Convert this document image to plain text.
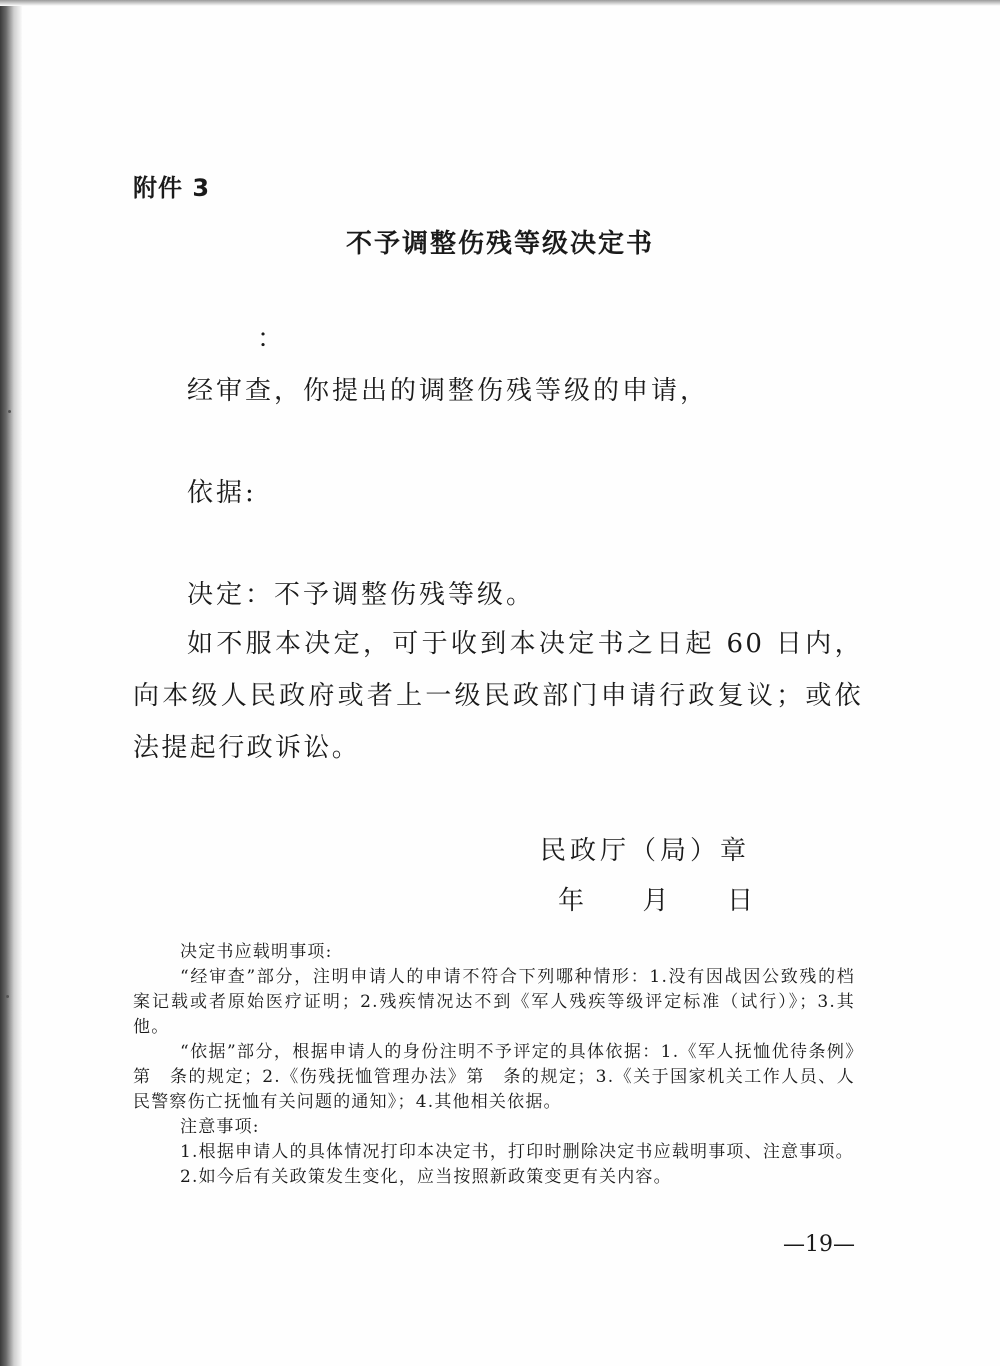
附件 3
不予调整伤残等级决定书
：
经审查，你提出的调整伤残等级的申请，
依据:
决定：不予调整伤残等级。
如不服本决定，可于收到本决定书之日起 60 日内，向本级人民政府或者上一级民政部门申请行政复议；或依法提起行政诉讼。
民政厅（局）章
年 月 日

决定书应载明事项:

“经审查”部分，注明申请人的申请不符合下列哪种情形：1.没有因战因公致残的档案记载或者原始医疗证明；2.残疾情况达不到《军人残疾等级评定标准（试行）》；3.其他。

“依据”部分，根据申请人的身份注明不予评定的具体依据：1.《军人抚恤优待条例》第　条的规定；2.《伤残抚恤管理办法》第　条的规定；3.《关于国家机关工作人员、人民警察伤亡抚恤有关问题的通知》；4.其他相关依据。

注意事项:

1.根据申请人的具体情况打印本决定书，打印时删除决定书应载明事项、注意事项。

2.如今后有关政策发生变化，应当按照新政策变更有关内容。

—19—
